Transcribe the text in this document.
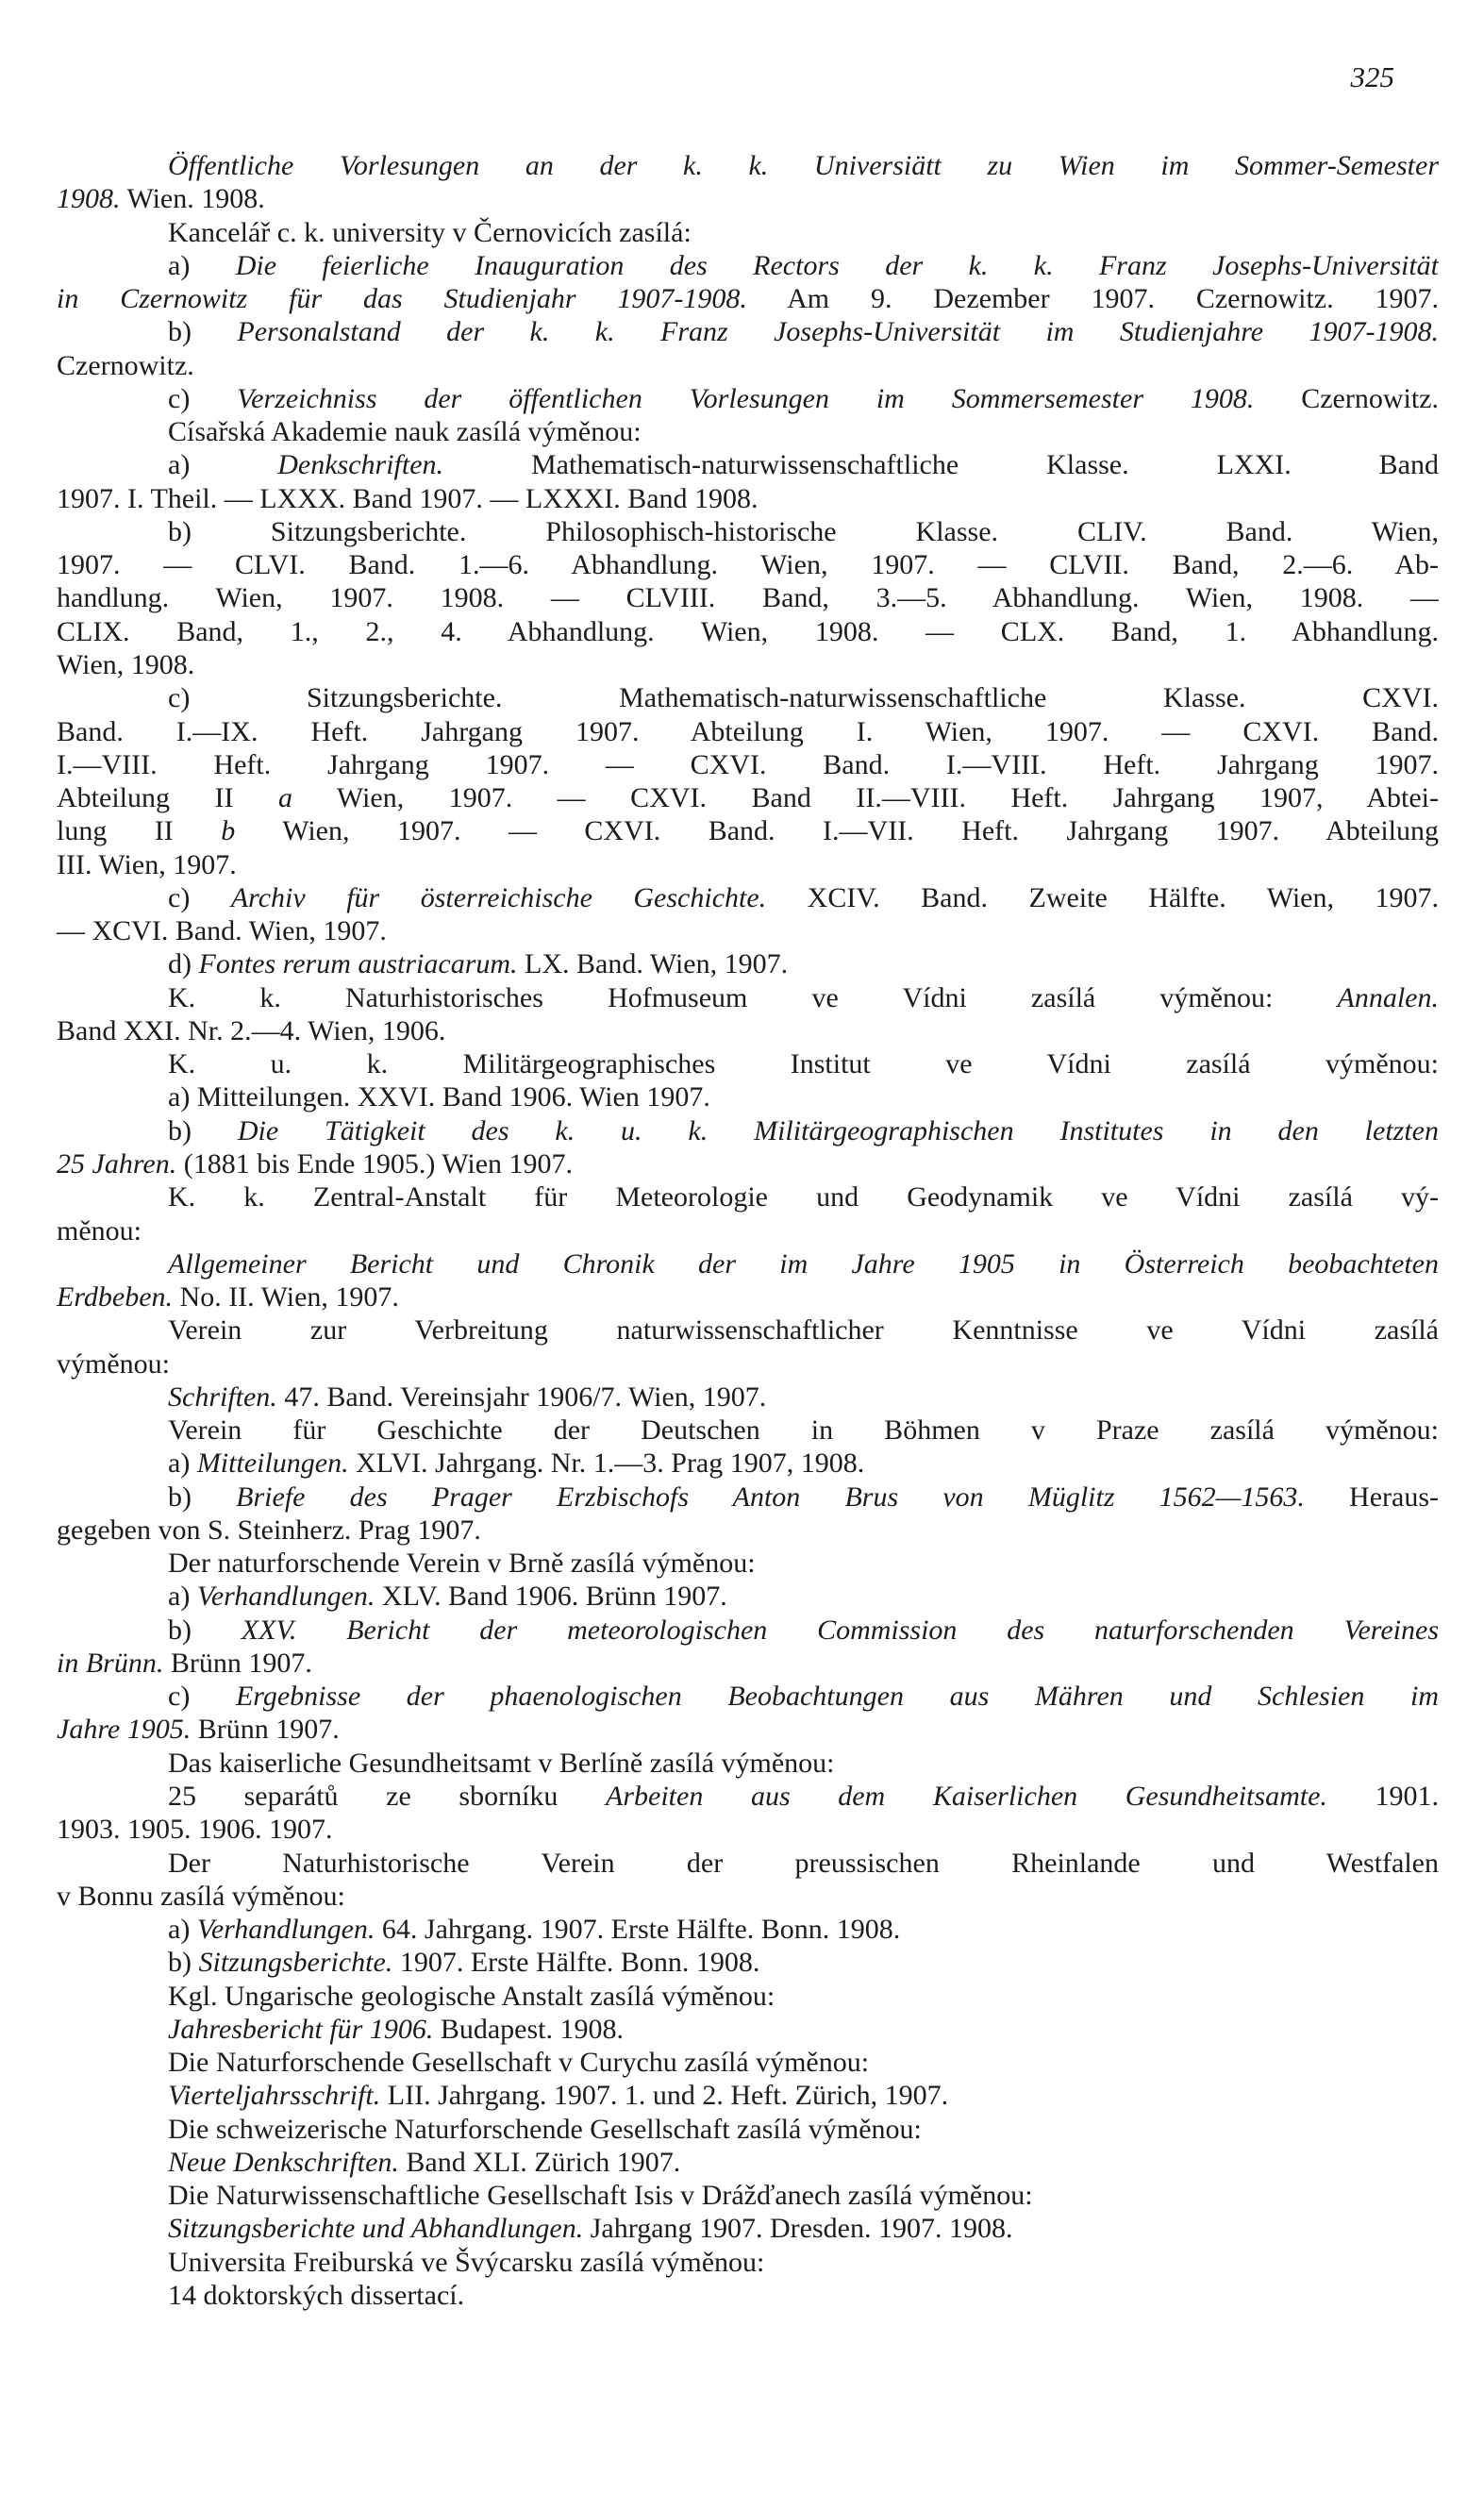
325
Öffentliche Vorlesungen an der k. k. Universiätt zu Wien im Sommer-Semester
1908. Wien. 1908.
Kancelář c. k. university v Černovicích zasílá:
a) Die feierliche Inauguration des Rectors der k. k. Franz Josephs-Universität
in Czernowitz für das Studienjahr 1907-1908. Am 9. Dezember 1907. Czernowitz. 1907.
b) Personalstand der k. k. Franz Josephs-Universität im Studienjahre 1907-1908.
Czernowitz.
c) Verzeichniss der öffentlichen Vorlesungen im Sommersemester 1908. Czernowitz.
Císařská Akademie nauk zasílá výměnou:
a) Denkschriften. Mathematisch-naturwissenschaftliche Klasse. LXXI. Band
1907. I. Theil. — LXXX. Band 1907. — LXXXI. Band 1908.
b) Sitzungsberichte. Philosophisch-historische Klasse. CLIV. Band. Wien,
1907. — CLVI. Band. 1.—6. Abhandlung. Wien, 1907. — CLVII. Band, 2.—6. Ab-
handlung. Wien, 1907. 1908. — CLVIII. Band, 3.—5. Abhandlung. Wien, 1908. —
CLIX. Band, 1., 2., 4. Abhandlung. Wien, 1908. — CLX. Band, 1. Abhandlung.
Wien, 1908.
c) Sitzungsberichte. Mathematisch-naturwissenschaftliche Klasse. CXVI.
Band. I.—IX. Heft. Jahrgang 1907. Abteilung I. Wien, 1907. — CXVI. Band.
I.—VIII. Heft. Jahrgang 1907. — CXVI. Band. I.—VIII. Heft. Jahrgang 1907.
Abteilung II a Wien, 1907. — CXVI. Band II.—VIII. Heft. Jahrgang 1907, Abtei-
lung II b Wien, 1907. — CXVI. Band. I.—VII. Heft. Jahrgang 1907. Abteilung
III. Wien, 1907.
c) Archiv für österreichische Geschichte. XCIV. Band. Zweite Hälfte. Wien, 1907.
— XCVI. Band. Wien, 1907.
d) Fontes rerum austriacarum. LX. Band. Wien, 1907.
K. k. Naturhistorisches Hofmuseum ve Vídni zasílá výměnou: Annalen.
Band XXI. Nr. 2.—4. Wien, 1906.
K. u. k. Militärgeographisches Institut ve Vídni zasílá výměnou:
a) Mitteilungen. XXVI. Band 1906. Wien 1907.
b) Die Tätigkeit des k. u. k. Militärgeographischen Institutes in den letzten
25 Jahren. (1881 bis Ende 1905.) Wien 1907.
K. k. Zentral-Anstalt für Meteorologie und Geodynamik ve Vídni zasílá vý-
měnou:
Allgemeiner Bericht und Chronik der im Jahre 1905 in Österreich beobachteten
Erdbeben. No. II. Wien, 1907.
Verein zur Verbreitung naturwissenschaftlicher Kenntnisse ve Vídni zasílá
výměnou:
Schriften. 47. Band. Vereinsjahr 1906/7. Wien, 1907.
Verein für Geschichte der Deutschen in Böhmen v Praze zasílá výměnou:
a) Mitteilungen. XLVI. Jahrgang. Nr. 1.—3. Prag 1907, 1908.
b) Briefe des Prager Erzbischofs Anton Brus von Müglitz 1562—1563. Heraus-
gegeben von S. Steinherz. Prag 1907.
Der naturforschende Verein v Brně zasílá výměnou:
a) Verhandlungen. XLV. Band 1906. Brünn 1907.
b) XXV. Bericht der meteorologischen Commission des naturforschenden Vereines
in Brünn. Brünn 1907.
c) Ergebnisse der phaenologischen Beobachtungen aus Mähren und Schlesien im
Jahre 1905. Brünn 1907.
Das kaiserliche Gesundheitsamt v Berlíně zasílá výměnou:
25 separátů ze sborníku Arbeiten aus dem Kaiserlichen Gesundheitsamte. 1901.
1903. 1905. 1906. 1907.
Der Naturhistorische Verein der preussischen Rheinlande und Westfalen
v Bonnu zasílá výměnou:
a) Verhandlungen. 64. Jahrgang. 1907. Erste Hälfte. Bonn. 1908.
b) Sitzungsberichte. 1907. Erste Hälfte. Bonn. 1908.
Kgl. Ungarische geologische Anstalt zasílá výměnou:
Jahresbericht für 1906. Budapest. 1908.
Die Naturforschende Gesellschaft v Curychu zasílá výměnou:
Vierteljahrsschrift. LII. Jahrgang. 1907. 1. und 2. Heft. Zürich, 1907.
Die schweizerische Naturforschende Gesellschaft zasílá výměnou:
Neue Denkschriften. Band XLI. Zürich 1907.
Die Naturwissenschaftliche Gesellschaft Isis v Drážďanech zasílá výměnou:
Sitzungsberichte und Abhandlungen. Jahrgang 1907. Dresden. 1907. 1908.
Universita Freiburská ve Švýcarsku zasílá výměnou:
14 doktorských dissertací.
